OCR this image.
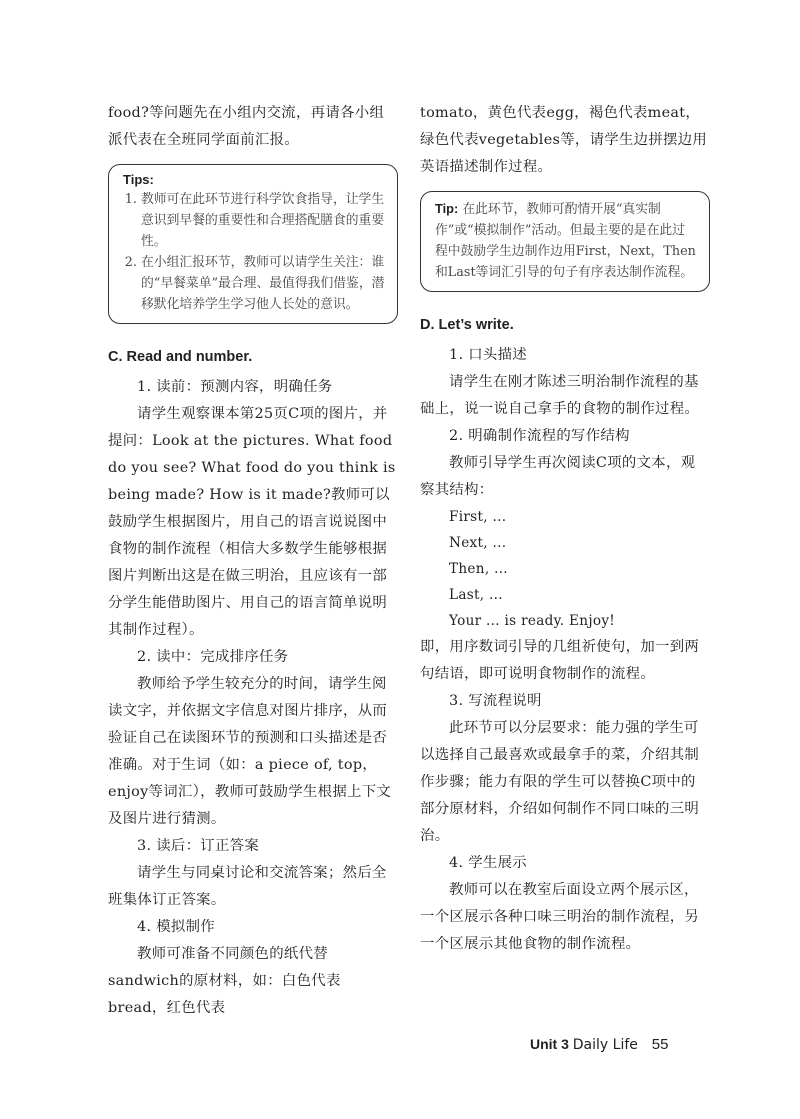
food?等问题先在小组内交流，再请各小组派代表在全班同学面前汇报。

Tips:
1. 教师可在此环节进行科学饮食指导，让学生意识到早餐的重要性和合理搭配膳食的重要性。
2. 在小组汇报环节，教师可以请学生关注：谁的“早餐菜单”最合理、最值得我们借鉴，潜移默化培养学生学习他人长处的意识。
C. Read and number.

1. 读前：预测内容，明确任务

请学生观察课本第25页C项的图片，并提问：Look at the pictures. What food do you see? What food do you think is being made? How is it made?教师可以鼓励学生根据图片，用自己的语言说说图中食物的制作流程（相信大多数学生能够根据图片判断出这是在做三明治，且应该有一部分学生能借助图片、用自己的语言简单说明其制作过程）。

2. 读中：完成排序任务

教师给予学生较充分的时间，请学生阅读文字，并依据文字信息对图片排序，从而验证自己在读图环节的预测和口头描述是否准确。对于生词（如：a piece of, top，enjoy等词汇），教师可鼓励学生根据上下文及图片进行猜测。

3. 读后：订正答案

请学生与同桌讨论和交流答案；然后全班集体订正答案。

4. 模拟制作

教师可准备不同颜色的纸代替sandwich的原材料，如：白色代表bread，红色代表

tomato，黄色代表egg，褐色代表meat，绿色代表vegetables等，请学生边拼摆边用英语描述制作过程。

Tip: 在此环节，教师可酌情开展“真实制作”或“模拟制作”活动。但最主要的是在此过程中鼓励学生边制作边用First，Next，Then和Last等词汇引导的句子有序表达制作流程。
D. Let’s write.

1. 口头描述

请学生在刚才陈述三明治制作流程的基础上，说一说自己拿手的食物的制作过程。

2. 明确制作流程的写作结构

教师引导学生再次阅读C项的文本，观察其结构：

First, ...

Next, ...

Then, ...

Last, ...

Your ... is ready. Enjoy!

即，用序数词引导的几组祈使句，加一到两句结语，即可说明食物制作的流程。

3. 写流程说明

此环节可以分层要求：能力强的学生可以选择自己最喜欢或最拿手的菜，介绍其制作步骤；能力有限的学生可以替换C项中的部分原材料，介绍如何制作不同口味的三明治。

4. 学生展示

教师可以在教室后面设立两个展示区，一个区展示各种口味三明治的制作流程，另一个区展示其他食物的制作流程。

Unit 3 Daily Life 55
